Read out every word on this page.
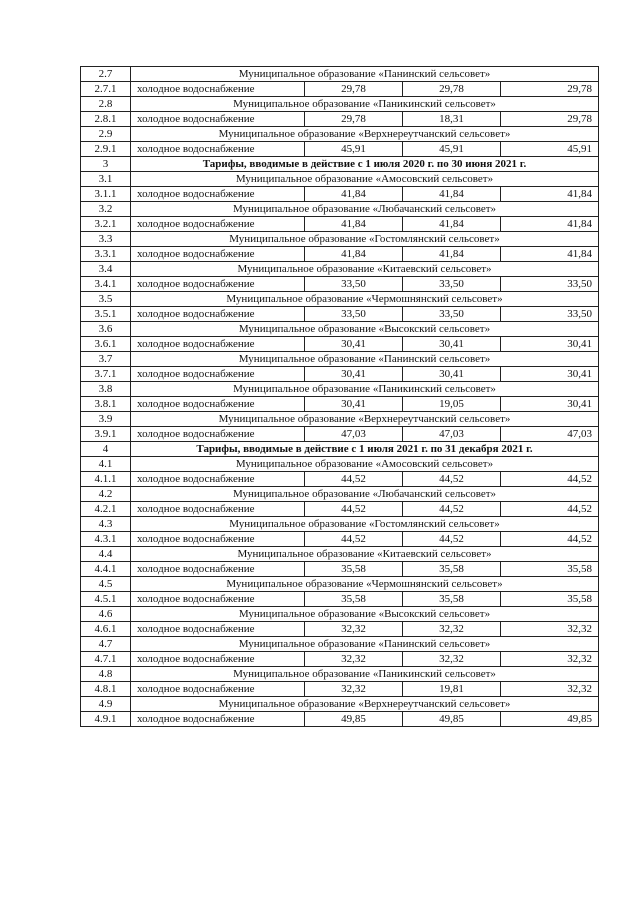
2.7	Муниципальное образование «Панинский сельсовет»			
2.7.1	холодное водоснабжение	29,78	29,78	29,78
2.8	Муниципальное образование «Паникинский сельсовет»			
2.8.1	холодное водоснабжение	29,78	18,31	29,78
2.9	Муниципальное образование «Верхнереутчанский сельсовет»			
2.9.1	холодное водоснабжение	45,91	45,91	45,91
3	Тарифы, вводимые в действие с 1 июля 2020 г. по 30 июня 2021 г.			
3.1	Муниципальное образование «Амосовский сельсовет»			
3.1.1	холодное водоснабжение	41,84	41,84	41,84
3.2	Муниципальное образование «Любачанский сельсовет»			
3.2.1	холодное водоснабжение	41,84	41,84	41,84
3.3	Муниципальное образование «Гостомлянский сельсовет»			
3.3.1	холодное водоснабжение	41,84	41,84	41,84
3.4	Муниципальное образование «Китаевский сельсовет»			
3.4.1	холодное водоснабжение	33,50	33,50	33,50
3.5	Муниципальное образование «Чермошнянский сельсовет»			
3.5.1	холодное водоснабжение	33,50	33,50	33,50
3.6	Муниципальное образование «Высокский сельсовет»			
3.6.1	холодное водоснабжение	30,41	30,41	30,41
3.7	Муниципальное образование «Панинский сельсовет»			
3.7.1	холодное водоснабжение	30,41	30,41	30,41
3.8	Муниципальное образование «Паникинский сельсовет»			
3.8.1	холодное водоснабжение	30,41	19,05	30,41
3.9	Муниципальное образование «Верхнереутчанский сельсовет»			
3.9.1	холодное водоснабжение	47,03	47,03	47,03
4	Тарифы, вводимые в действие с 1 июля 2021 г. по 31 декабря 2021 г.			
4.1	Муниципальное образование «Амосовский сельсовет»			
4.1.1	холодное водоснабжение	44,52	44,52	44,52
4.2	Муниципальное образование «Любачанский сельсовет»			
4.2.1	холодное водоснабжение	44,52	44,52	44,52
4.3	Муниципальное образование «Гостомлянский сельсовет»			
4.3.1	холодное водоснабжение	44,52	44,52	44,52
4.4	Муниципальное образование «Китаевский сельсовет»			
4.4.1	холодное водоснабжение	35,58	35,58	35,58
4.5	Муниципальное образование «Чермошнянский сельсовет»			
4.5.1	холодное водоснабжение	35,58	35,58	35,58
4.6	Муниципальное образование «Высокский сельсовет»			
4.6.1	холодное водоснабжение	32,32	32,32	32,32
4.7	Муниципальное образование «Панинский сельсовет»			
4.7.1	холодное водоснабжение	32,32	32,32	32,32
4.8	Муниципальное образование «Паникинский сельсовет»			
4.8.1	холодное водоснабжение	32,32	19,81	32,32
4.9	Муниципальное образование «Верхнереутчанский сельсовет»			
4.9.1	холодное водоснабжение	49,85	49,85	49,85
